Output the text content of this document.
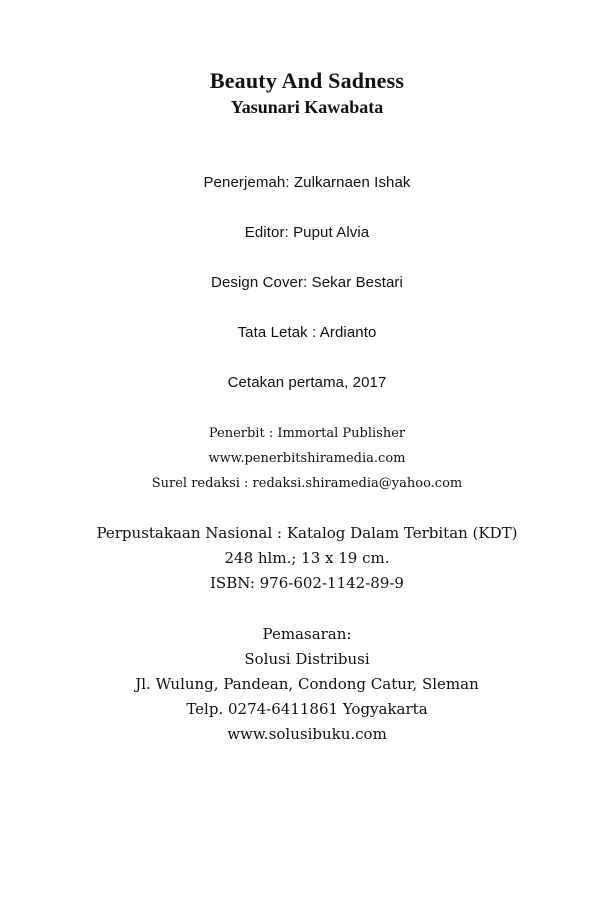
Beauty And Sadness
Yasunari Kawabata
Penerjemah: Zulkarnaen Ishak
Editor: Puput Alvia
Design Cover: Sekar Bestari
Tata Letak : Ardianto
Cetakan pertama, 2017
Penerbit : Immortal Publisher
www.penerbitshiramedia.com
Surel redaksi : redaksi.shiramedia@yahoo.com
Perpustakaan Nasional : Katalog Dalam Terbitan (KDT)
248 hlm.; 13 x 19 cm.
ISBN: 976-602-1142-89-9
Pemasaran:
Solusi Distribusi
Jl. Wulung, Pandean, Condong Catur, Sleman
Telp. 0274-6411861 Yogyakarta
www.solusibuku.com
